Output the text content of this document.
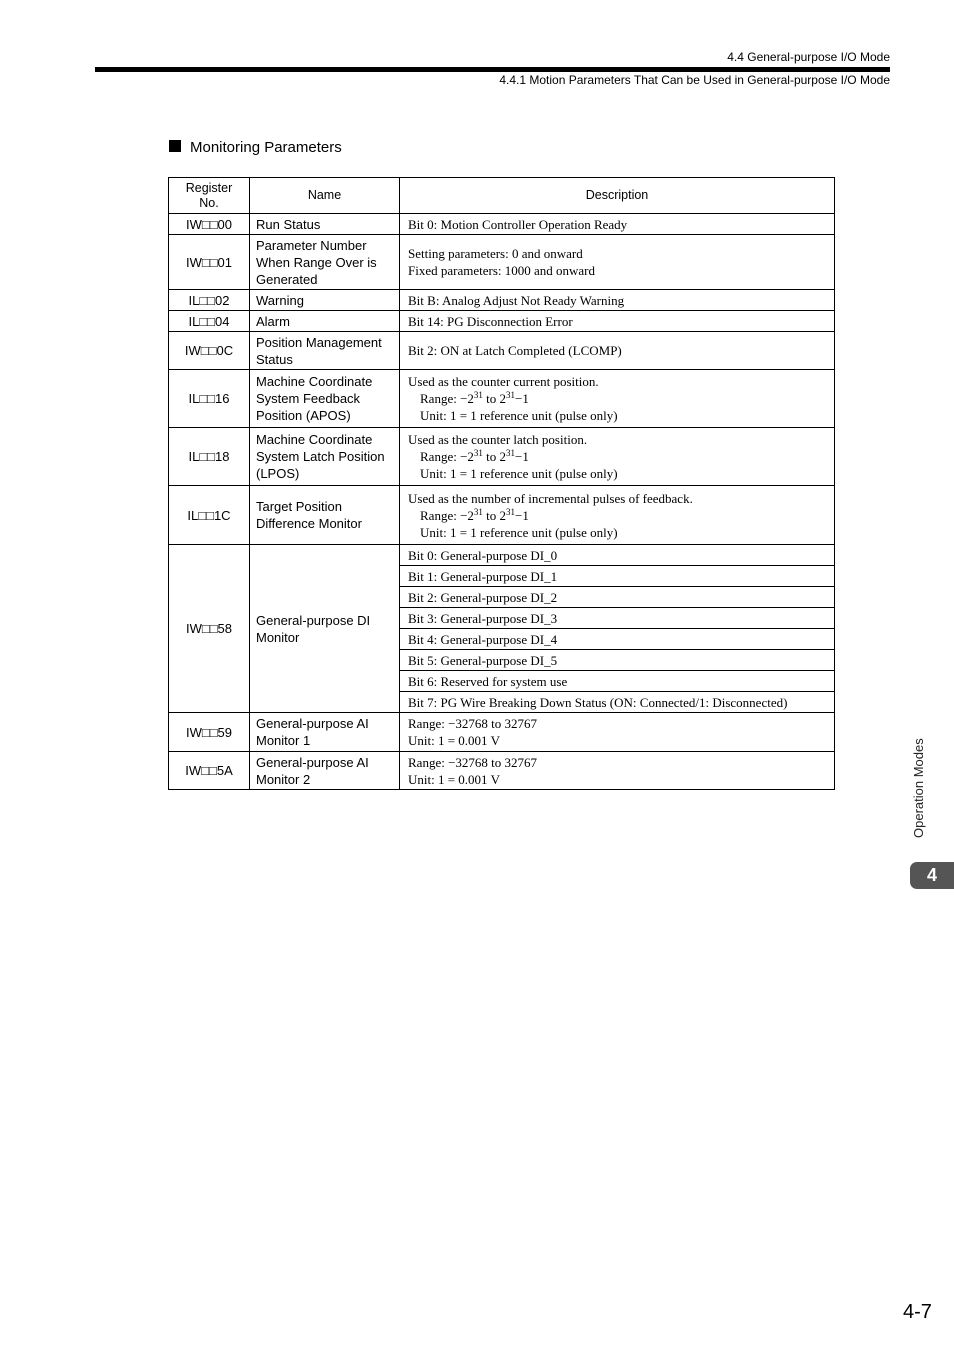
4.4 General-purpose I/O Mode
4.4.1 Motion Parameters That Can be Used in General-purpose I/O Mode
Monitoring Parameters
Register No.	Name	Description
IW□□00	Run Status	Bit 0: Motion Controller Operation Ready
IW□□01	Parameter Number When Range Over is Generated	Setting parameters: 0 and onward
Fixed parameters: 1000 and onward

IL□□02	Warning	Bit B: Analog Adjust Not Ready Warning
IL□□04	Alarm	Bit 14: PG Disconnection Error
IW□□0C	Position Management Status	Bit 2: ON at Latch Completed (LCOMP)
IL□□16	Machine Coordinate System Feedback Position (APOS)	Used as the counter current position.
Range: $-2^{31}$ to $2^{31}-1$
Unit: 1 = 1 reference unit (pulse only)

IL□□18	Machine Coordinate System Latch Position (LPOS)	Used as the counter latch position.
Range: $-2^{31}$ to $2^{31}-1$
Unit: 1 = 1 reference unit (pulse only)

IL□□1C	Target Position Difference Monitor	Used as the number of incremental pulses of feedback.
Range: $-2^{31}$ to $2^{31}-1$
Unit: 1 = 1 reference unit (pulse only)

IW□□58	General-purpose DI Monitor	Bit 0: General-purpose DI_0
		Bit 1: General-purpose DI_1
		Bit 2: General-purpose DI_2
		Bit 3: General-purpose DI_3
		Bit 4: General-purpose DI_4
		Bit 5: General-purpose DI_5
		Bit 6: Reserved for system use
		Bit 7: PG Wire Breaking Down Status (ON: Connected/1: Disconnected)
IW□□59	General-purpose AI Monitor 1	Range: −32768 to 32767
Unit: 1 = 0.001 V

IW□□5A	General-purpose AI Monitor 2	Range: −32768 to 32767
Unit: 1 = 0.001 V	Operation Modes
4
4-7
